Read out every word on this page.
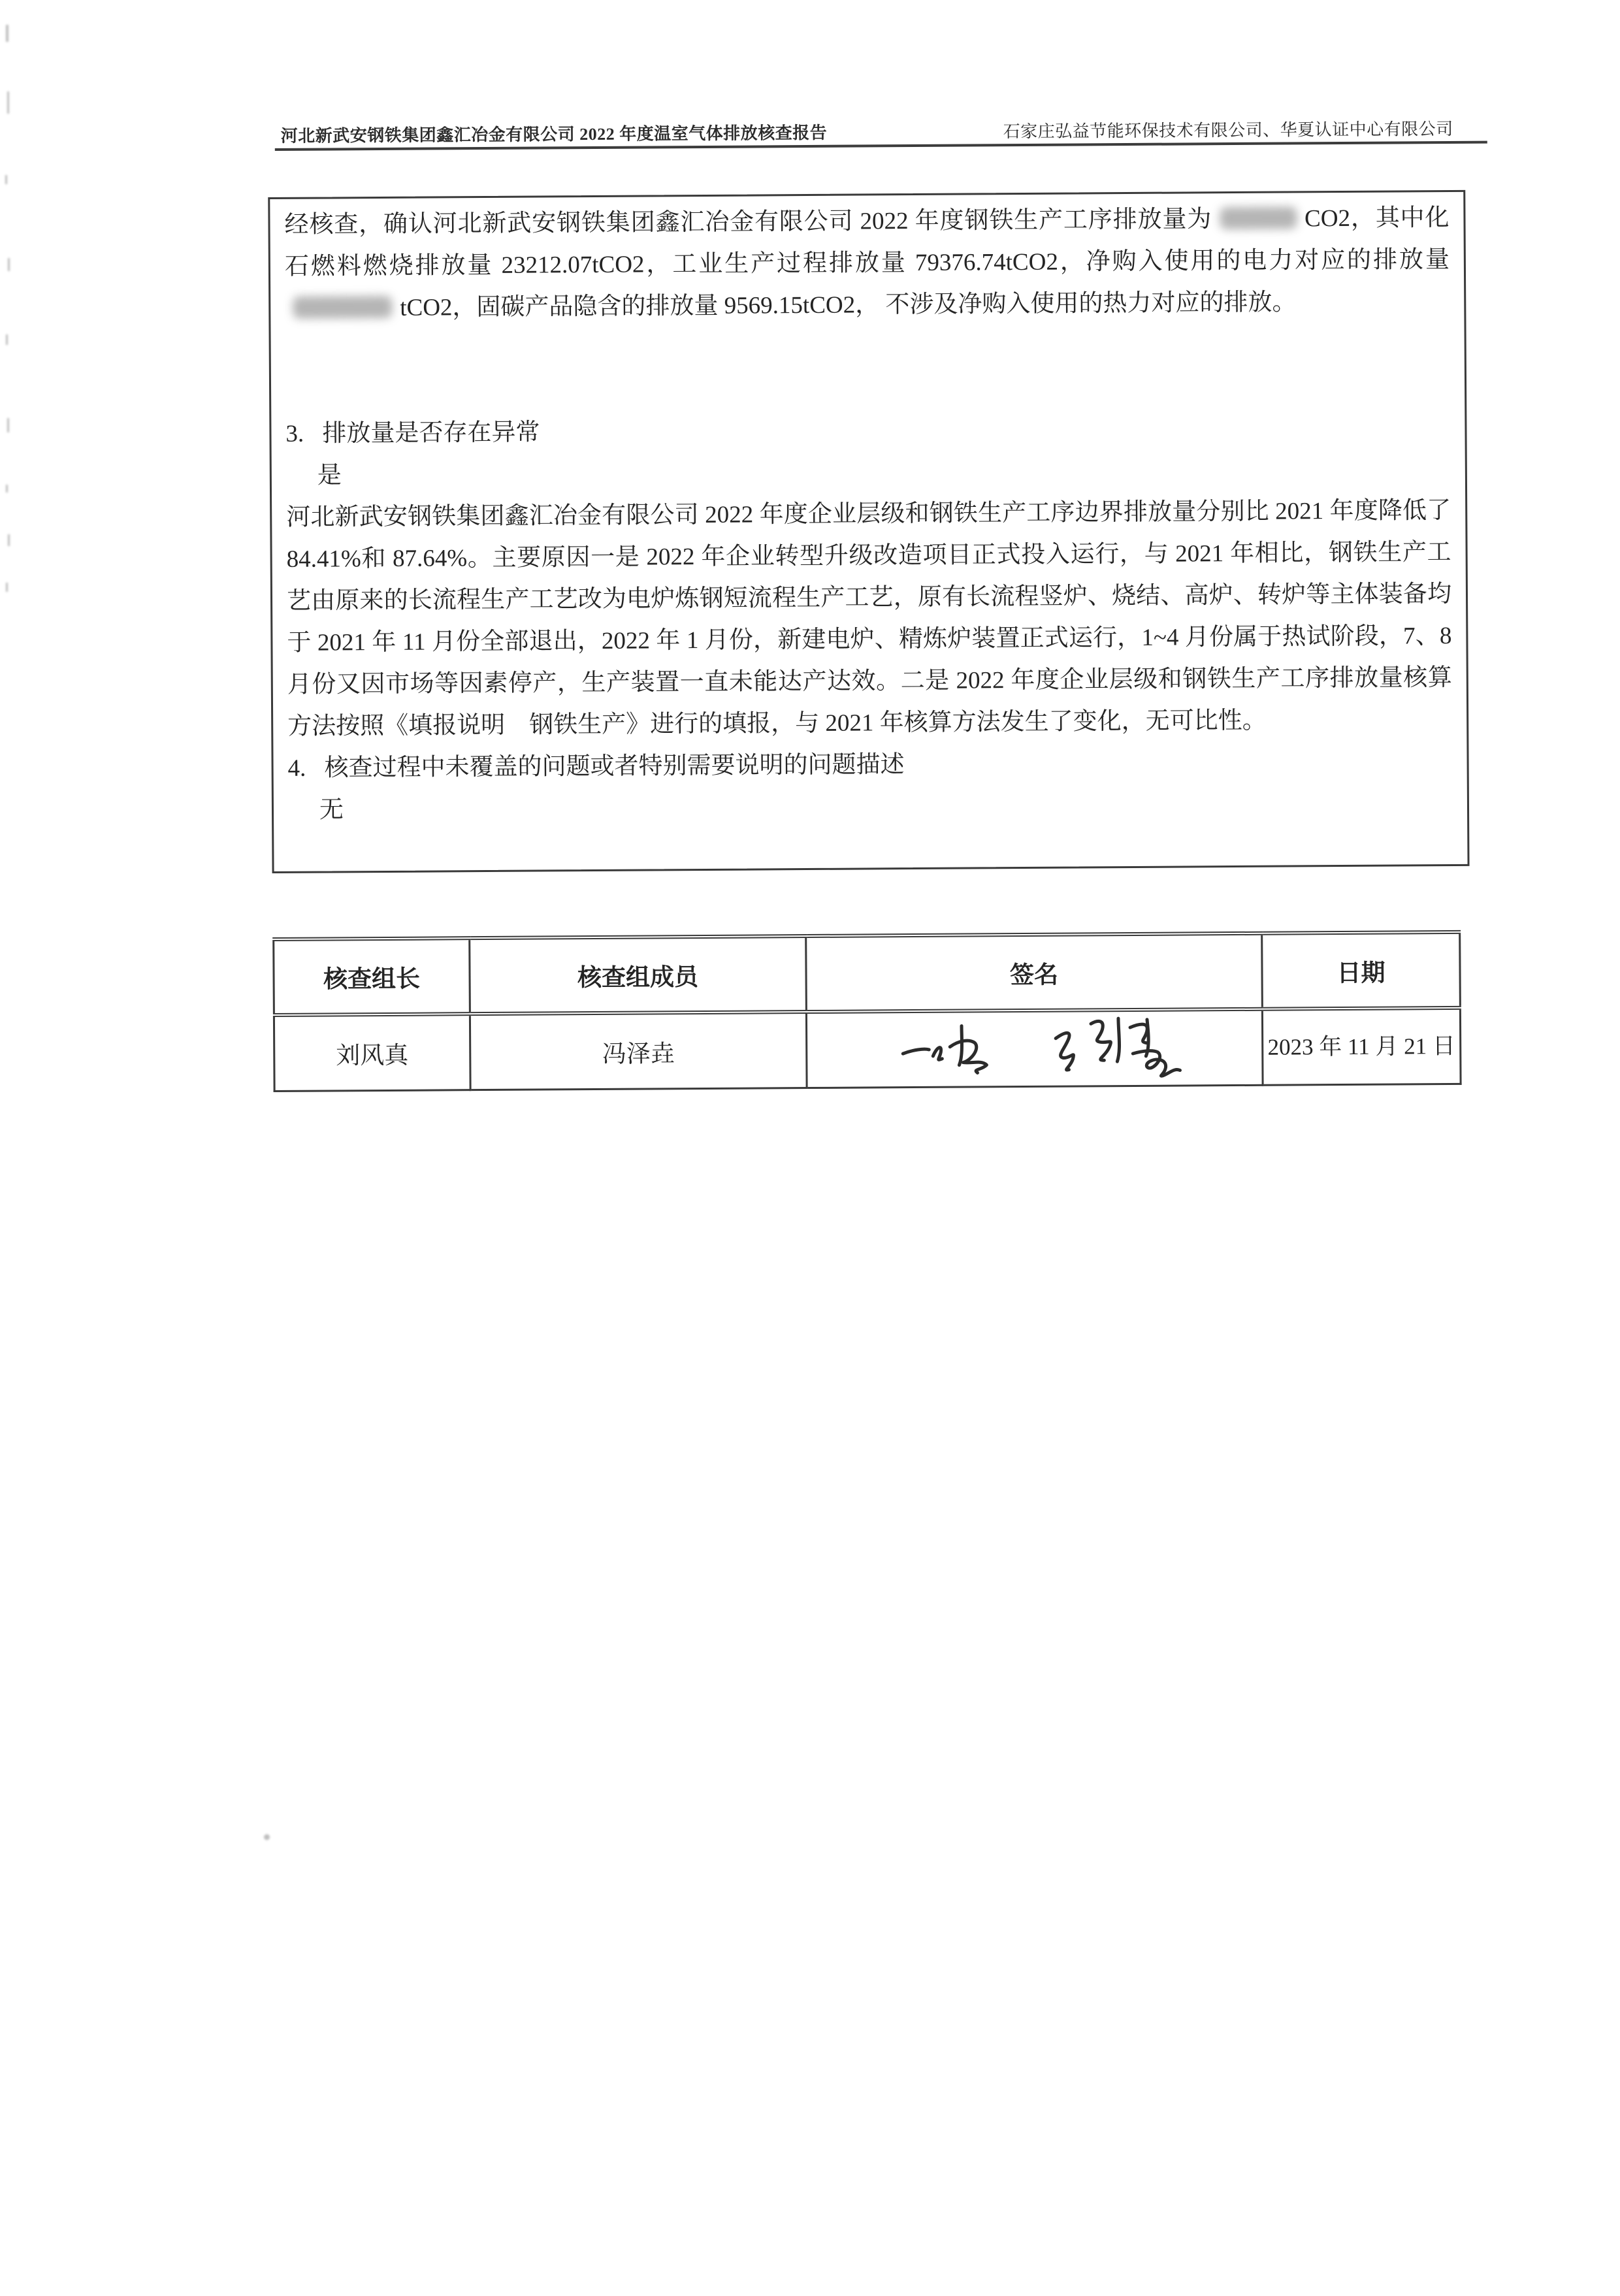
河北新武安钢铁集团鑫汇冶金有限公司 2022 年度温室气体排放核查报告	石家庄弘益节能环保技术有限公司、华夏认证中心有限公司
经核查，确认河北新武安钢铁集团鑫汇冶金有限公司 2022 年度钢铁生产工序排放量为	CO2，其中化石燃料燃烧排放量 23212.07tCO2，工业生产过程排放量 79376.74tCO2，净购入使用的电力对应的排放量tCO2，固碳产品隐含的排放量 9569.15tCO2， 不涉及净购入使用的热力对应的排放。
3. 排放量是否存在异常
是
河北新武安钢铁集团鑫汇冶金有限公司 2022 年度企业层级和钢铁生产工序边界排放量分别比 2021 年度降低了 84.41%和 87.64%。主要原因一是 2022 年企业转型升级改造项目正式投入运行，与 2021 年相比，钢铁生产工艺由原来的长流程生产工艺改为电炉炼钢短流程生产工艺，原有长流程竖炉、烧结、高炉、转炉等主体装备均于 2021 年 11 月份全部退出，2022 年 1 月份，新建电炉、精炼炉装置正式运行，1~4 月份属于热试阶段，7、8 月份又因市场等因素停产，生产装置一直未能达产达效。二是 2022 年度企业层级和钢铁生产工序排放量核算方法按照《填报说明　钢铁生产》进行的填报，与 2021 年核算方法发生了变化，无可比性。
4. 核查过程中未覆盖的问题或者特别需要说明的问题描述
无
核查组长	核查组成员	签名	日期
刘风真	冯泽垚		2023 年 11 月 21 日
